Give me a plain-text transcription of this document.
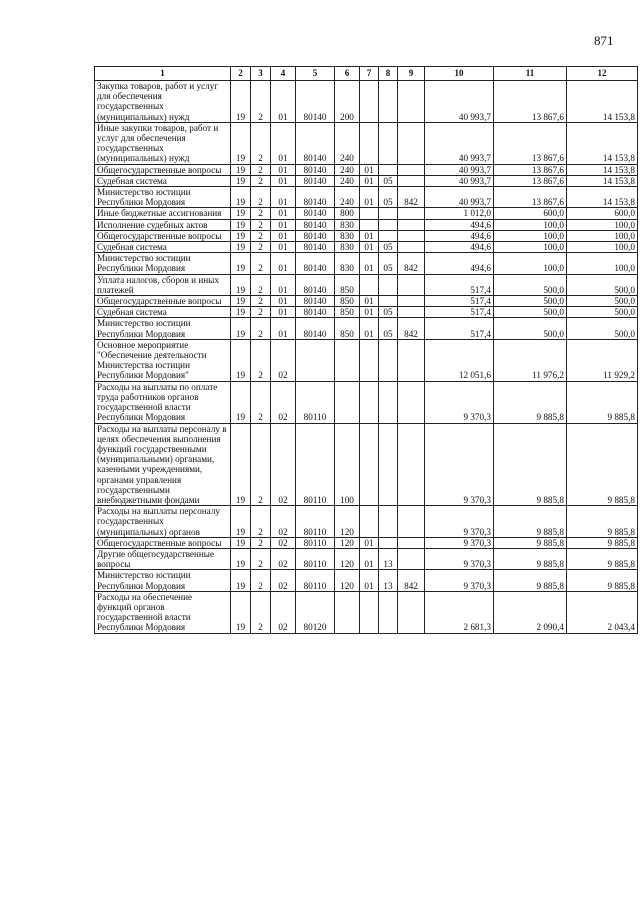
871
1	2	3	4	5	6	7	8	9	10	11	12
Закупка товаров, работ и услуг для обеспечения государственных (муниципальных) нужд	19	2	01	80140	200				40 993,7	13 867,6	14 153,8
Иные закупки товаров, работ и услуг для обеспечения государственных (муниципальных) нужд	19	2	01	80140	240				40 993,7	13 867,6	14 153,8
Общегосударственные вопросы	19	2	01	80140	240	01			40 993,7	13 867,6	14 153,8
Судебная система	19	2	01	80140	240	01	05		40 993,7	13 867,6	14 153,8
Министерство юстиции Республики Мордовия	19	2	01	80140	240	01	05	842	40 993,7	13 867,6	14 153,8
Иные бюджетные ассигнования	19	2	01	80140	800				1 012,0	600,0	600,0
Исполнение судебных актов	19	2	01	80140	830				494,6	100,0	100,0
Общегосударственные вопросы	19	2	01	80140	830	01			494,6	100,0	100,0
Судебная система	19	2	01	80140	830	01	05		494,6	100,0	100,0
Министерство юстиции Республики Мордовия	19	2	01	80140	830	01	05	842	494,6	100,0	100,0
Уплата налогов, сборов и иных платежей	19	2	01	80140	850				517,4	500,0	500,0
Общегосударственные вопросы	19	2	01	80140	850	01			517,4	500,0	500,0
Судебная система	19	2	01	80140	850	01	05		517,4	500,0	500,0
Министерство юстиции Республики Мордовия	19	2	01	80140	850	01	05	842	517,4	500,0	500,0
Основное мероприятие "Обеспечение деятельности Министерства юстиции Республики Мордовия"	19	2	02						12 051,6	11 976,2	11 929,2
Расходы на выплаты по оплате труда работников органов государственной власти Республики Мордовия	19	2	02	80110					9 370,3	9 885,8	9 885,8
Расходы на выплаты персоналу в целях обеспечения выполнения функций государственными (муниципальными) органами, казенными учреждениями, органами управления государственными внебюджетными фондами	19	2	02	80110	100				9 370,3	9 885,8	9 885,8
Расходы на выплаты персоналу государственных (муниципальных) органов	19	2	02	80110	120				9 370,3	9 885,8	9 885,8
Общегосударственные вопросы	19	2	02	80110	120	01			9 370,3	9 885,8	9 885,8
Другие общегосударственные вопросы	19	2	02	80110	120	01	13		9 370,3	9 885,8	9 885,8
Министерство юстиции Республики Мордовия	19	2	02	80110	120	01	13	842	9 370,3	9 885,8	9 885,8
Расходы на обеспечение функций органов государственной власти Республики Мордовия	19	2	02	80120					2 681,3	2 090,4	2 043,4
